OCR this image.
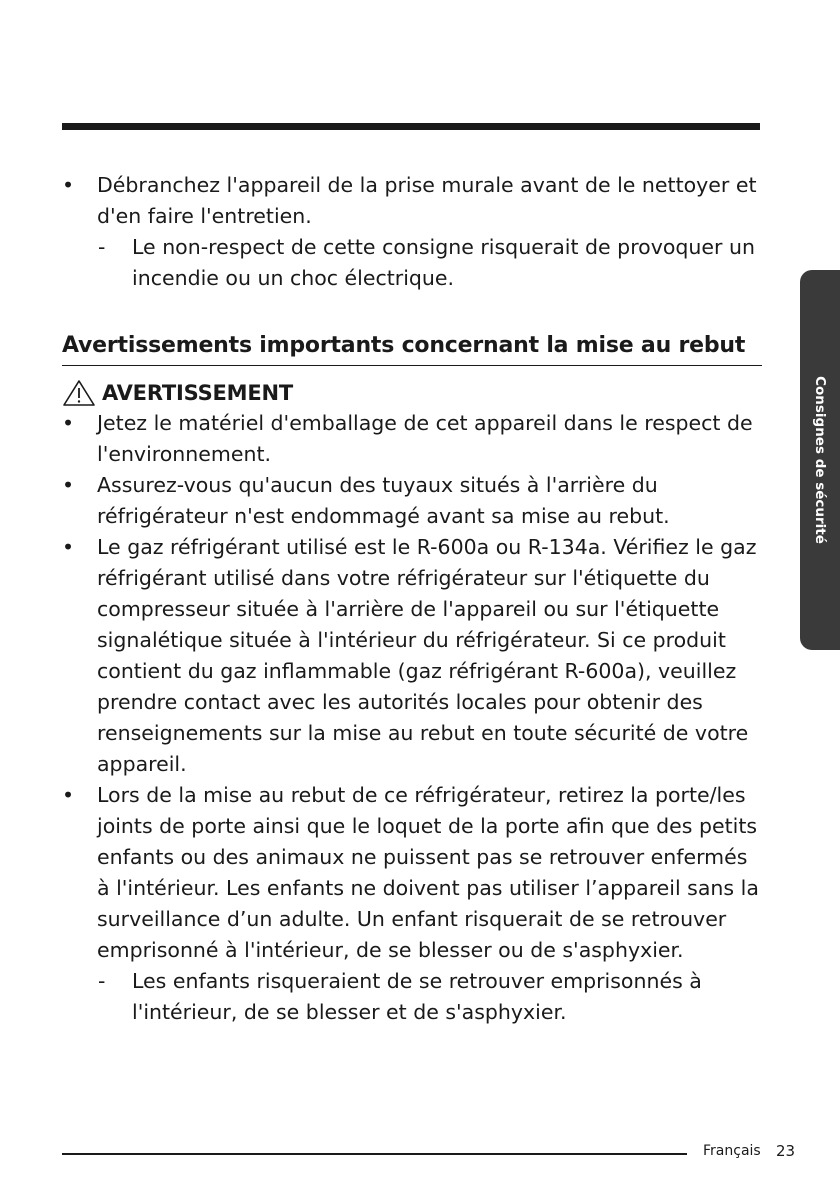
• Débranchez l'appareil de la prise murale avant de le nettoyer et d'en faire l'entretien.
- Le non-respect de cette consigne risquerait de provoquer un incendie ou un choc électrique.
Avertissements importants concernant la mise au rebut
AVERTISSEMENT
• Jetez le matériel d'emballage de cet appareil dans le respect de l'environnement.
• Assurez-vous qu'aucun des tuyaux situés à l'arrière du réfrigérateur n'est endommagé avant sa mise au rebut.
• Le gaz réfrigérant utilisé est le R-600a ou R-134a. Vérifiez le gaz réfrigérant utilisé dans votre réfrigérateur sur l'étiquette du compresseur située à l'arrière de l'appareil ou sur l'étiquette signalétique située à l'intérieur du réfrigérateur. Si ce produit contient du gaz inflammable (gaz réfrigérant R-600a), veuillez prendre contact avec les autorités locales pour obtenir des renseignements sur la mise au rebut en toute sécurité de votre appareil.
• Lors de la mise au rebut de ce réfrigérateur, retirez la porte/les joints de porte ainsi que le loquet de la porte afin que des petits enfants ou des animaux ne puissent pas se retrouver enfermés à l'intérieur. Les enfants ne doivent pas utiliser l’appareil sans la surveillance d’un adulte. Un enfant risquerait de se retrouver emprisonné à l'intérieur, de se blesser ou de s'asphyxier.
- Les enfants risqueraient de se retrouver emprisonnés à l'intérieur, de se blesser et de s'asphyxier.
Consignes de sécurité
Français 23
